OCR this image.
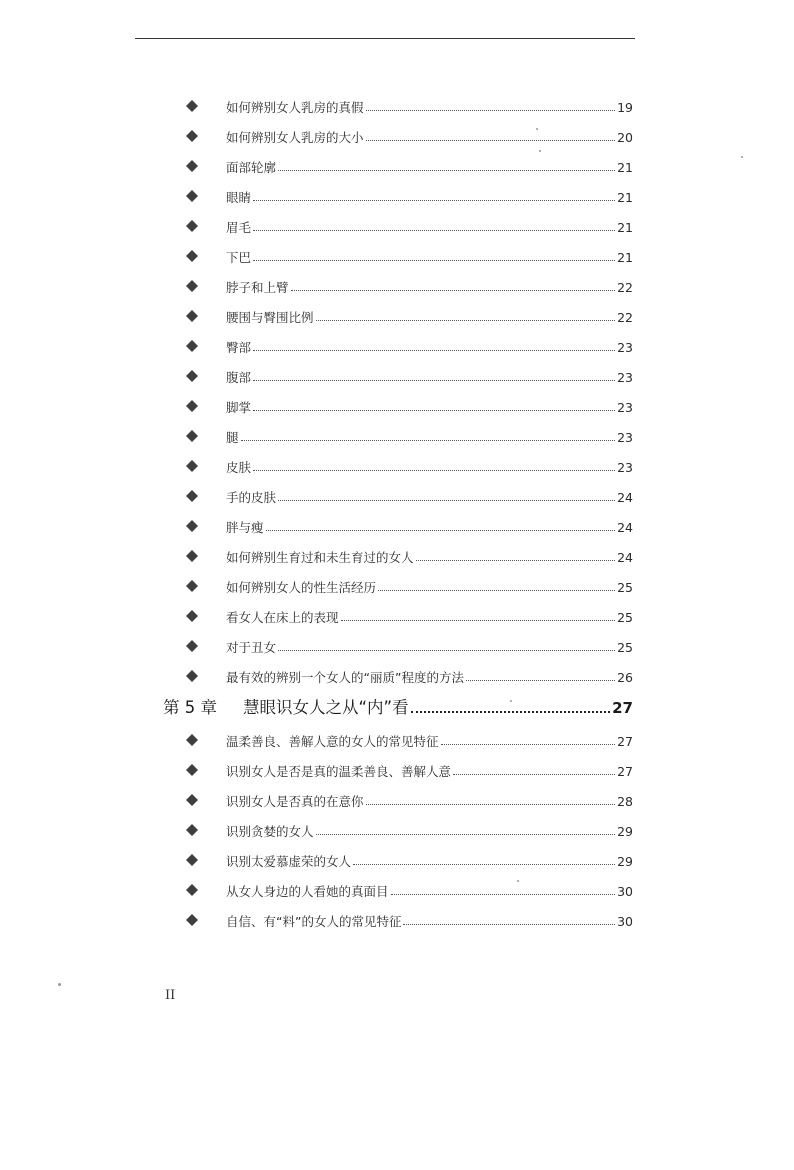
如何辨别女人乳房的真假	19
如何辨别女人乳房的大小	20
面部轮廓	21
眼睛	21
眉毛	21
下巴	21
脖子和上臂	22
腰围与臀围比例	22
臀部	23
腹部	23
脚掌	23
腿	23
皮肤	23
手的皮肤	24
胖与瘦	24
如何辨别生育过和未生育过的女人	24
如何辨别女人的性生活经历	25
看女人在床上的表现	25
对于丑女	25
最有效的辨别一个女人的“丽质”程度的方法	26
第 5 章	慧眼识女人之从“内”看	27
温柔善良、善解人意的女人的常见特征	27
识别女人是否是真的温柔善良、善解人意	27
识别女人是否真的在意你	28
识别贪婪的女人	29
识别太爱慕虚荣的女人	29
从女人身边的人看她的真面目	30
自信、有“料”的女人的常见特征	30
II
